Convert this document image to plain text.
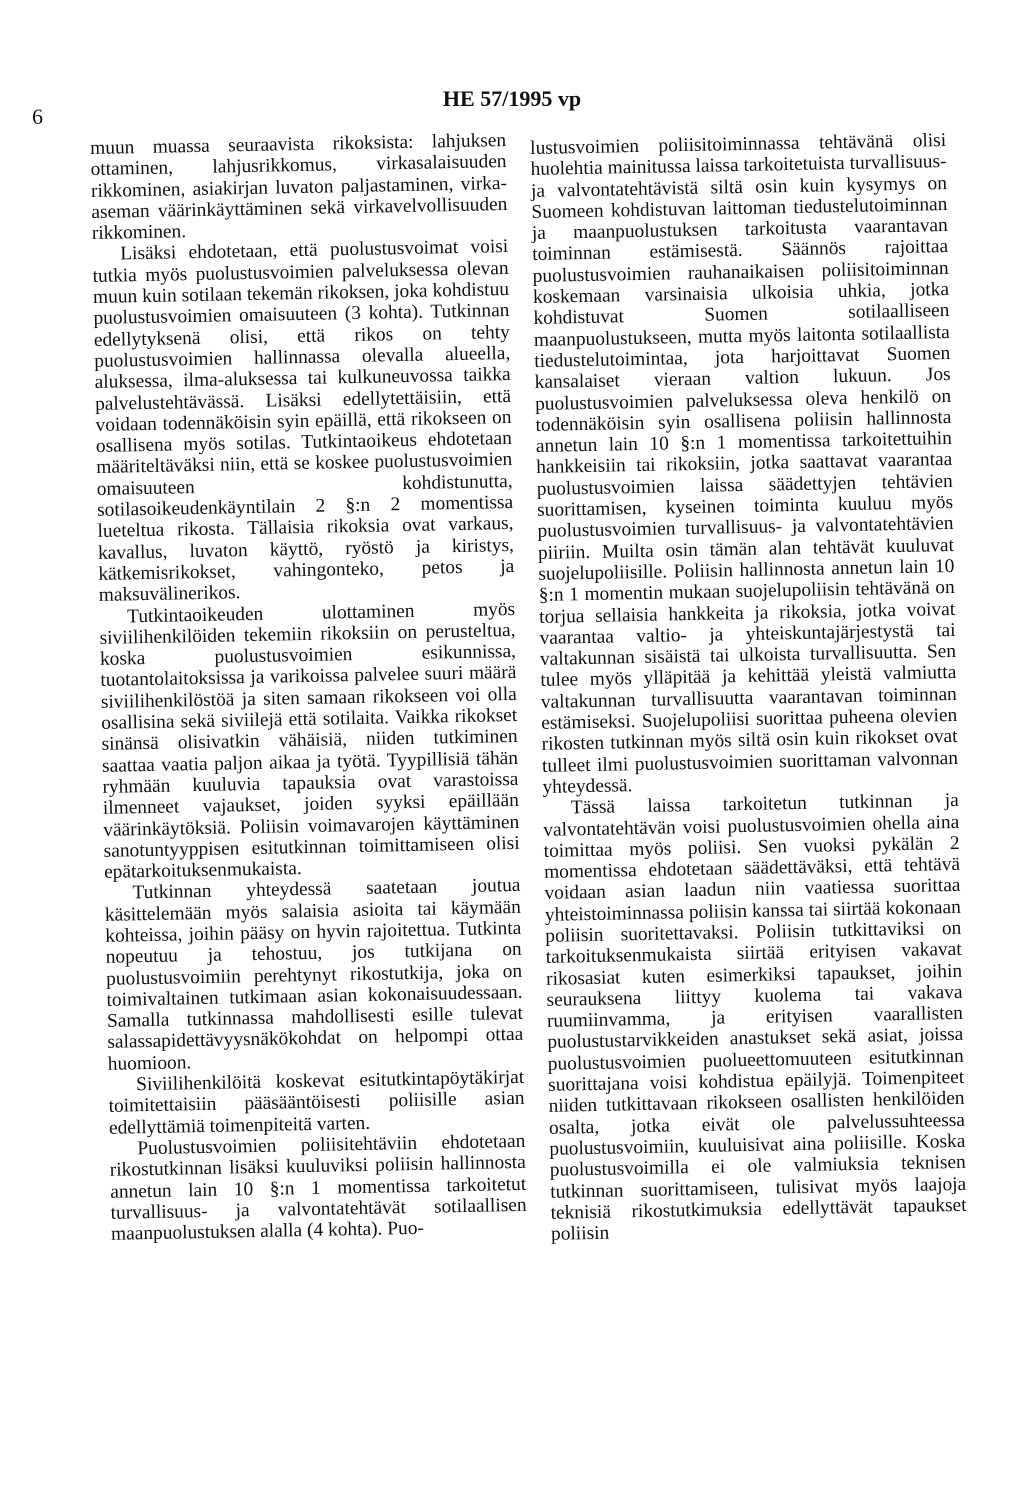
6
HE 57/1995 vp

muun muassa seuraavista rikoksista: lahjuksen ottaminen, lahjusrikkomus, virkasalaisuuden rikkominen, asiakirjan luvaton paljastaminen, virka-aseman väärinkäyttäminen sekä virkavelvollisuuden rikkominen.

Lisäksi ehdotetaan, että puolustusvoimat voisi tutkia myös puolustusvoimien palveluksessa olevan muun kuin sotilaan tekemän rikoksen, joka kohdistuu puolustusvoimien omaisuuteen (3 kohta). Tutkinnan edellytyksenä olisi, että rikos on tehty puolustusvoimien hallinnassa olevalla alueella, aluksessa, ilma-aluksessa tai kulkuneuvossa taikka palvelustehtävässä. Lisäksi edellytettäisiin, että voidaan todennäköisin syin epäillä, että rikokseen on osallisena myös sotilas. Tutkintaoikeus ehdotetaan määriteltäväksi niin, että se koskee puolustusvoimien omaisuuteen kohdistunutta, sotilasoikeudenkäyntilain 2 §:n 2 momentissa lueteltua rikosta. Tällaisia rikoksia ovat varkaus, kavallus, luvaton käyttö, ryöstö ja kiristys, kätkemisrikokset, vahingonteko, petos ja maksuvälinerikos.

Tutkintaoikeuden ulottaminen myös siviilihenkilöiden tekemiin rikoksiin on perusteltua, koska puolustusvoimien esikunnissa, tuotantolaitoksissa ja varikoissa palvelee suuri määrä siviilihenkilöstöä ja siten samaan rikokseen voi olla osallisina sekä siviilejä että sotilaita. Vaikka rikokset sinänsä olisivatkin vähäisiä, niiden tutkiminen saattaa vaatia paljon aikaa ja työtä. Tyypillisiä tähän ryhmään kuuluvia tapauksia ovat varastoissa ilmenneet vajaukset, joiden syyksi epäillään väärinkäytöksiä. Poliisin voimavarojen käyttäminen sanotuntyyppisen esitutkinnan toimittamiseen olisi epätarkoituksenmukaista.

Tutkinnan yhteydessä saatetaan joutua käsittelemään myös salaisia asioita tai käymään kohteissa, joihin pääsy on hyvin rajoitettua. Tutkinta nopeutuu ja tehostuu, jos tutkijana on puolustusvoimiin perehtynyt rikostutkija, joka on toimivaltainen tutkimaan asian kokonaisuudessaan. Samalla tutkinnassa mahdollisesti esille tulevat salassapidettävyysnäkökohdat on helpompi ottaa huomioon.

Siviilihenkilöitä koskevat esitutkintapöytäkirjat toimitettaisiin pääsääntöisesti poliisille asian edellyttämiä toimenpiteitä varten.

Puolustusvoimien poliisitehtäviin ehdotetaan rikostutkinnan lisäksi kuuluviksi poliisin hallinnosta annetun lain 10 §:n 1 momentissa tarkoitetut turvallisuus- ja valvontatehtävät sotilaallisen maanpuolustuksen alalla (4 kohta). Puo-

lustusvoimien poliisitoiminnassa tehtävänä olisi huolehtia mainitussa laissa tarkoitetuista turvallisuus- ja valvontatehtävistä siltä osin kuin kysymys on Suomeen kohdistuvan laittoman tiedustelutoiminnan ja maanpuolustuksen tarkoitusta vaarantavan toiminnan estämisestä. Säännös rajoittaa puolustusvoimien rauhanaikaisen poliisitoiminnan koskemaan varsinaisia ulkoisia uhkia, jotka kohdistuvat Suomen sotilaalliseen maanpuolustukseen, mutta myös laitonta sotilaallista tiedustelutoimintaa, jota harjoittavat Suomen kansalaiset vieraan valtion lukuun. Jos puolustusvoimien palveluksessa oleva henkilö on todennäköisin syin osallisena poliisin hallinnosta annetun lain 10 §:n 1 momentissa tarkoitettuihin hankkeisiin tai rikoksiin, jotka saattavat vaarantaa puolustusvoimien laissa säädettyjen tehtävien suorittamisen, kyseinen toiminta kuuluu myös puolustusvoimien turvallisuus- ja valvontatehtävien piiriin. Muilta osin tämän alan tehtävät kuuluvat suojelupoliisille. Poliisin hallinnosta annetun lain 10 §:n 1 momentin mukaan suojelupoliisin tehtävänä on torjua sellaisia hankkeita ja rikoksia, jotka voivat vaarantaa valtio- ja yhteiskuntajärjestystä tai valtakunnan sisäistä tai ulkoista turvallisuutta. Sen tulee myös ylläpitää ja kehittää yleistä valmiutta valtakunnan turvallisuutta vaarantavan toiminnan estämiseksi. Suojelupoliisi suorittaa puheena olevien rikosten tutkinnan myös siltä osin kuin rikokset ovat tulleet ilmi puolustusvoimien suorittaman valvonnan yhteydessä.

Tässä laissa tarkoitetun tutkinnan ja valvontatehtävän voisi puolustusvoimien ohella aina toimittaa myös poliisi. Sen vuoksi pykälän 2 momentissa ehdotetaan säädettäväksi, että tehtävä voidaan asian laadun niin vaatiessa suorittaa yhteistoiminnassa poliisin kanssa tai siirtää kokonaan poliisin suoritettavaksi. Poliisin tutkittaviksi on tarkoituksenmukaista siirtää erityisen vakavat rikosasiat kuten esimerkiksi tapaukset, joihin seurauksena liittyy kuolema tai vakava ruumiinvamma, ja erityisen vaarallisten puolustustarvikkeiden anastukset sekä asiat, joissa puolustusvoimien puolueettomuuteen esitutkinnan suorittajana voisi kohdistua epäilyjä. Toimenpiteet niiden tutkittavaan rikokseen osallisten henkilöiden osalta, jotka eivät ole palvelussuhteessa puolustusvoimiin, kuuluisivat aina poliisille. Koska puolustusvoimilla ei ole valmiuksia teknisen tutkinnan suorittamiseen, tulisivat myös laajoja teknisiä rikostutkimuksia edellyttävät tapaukset poliisin
